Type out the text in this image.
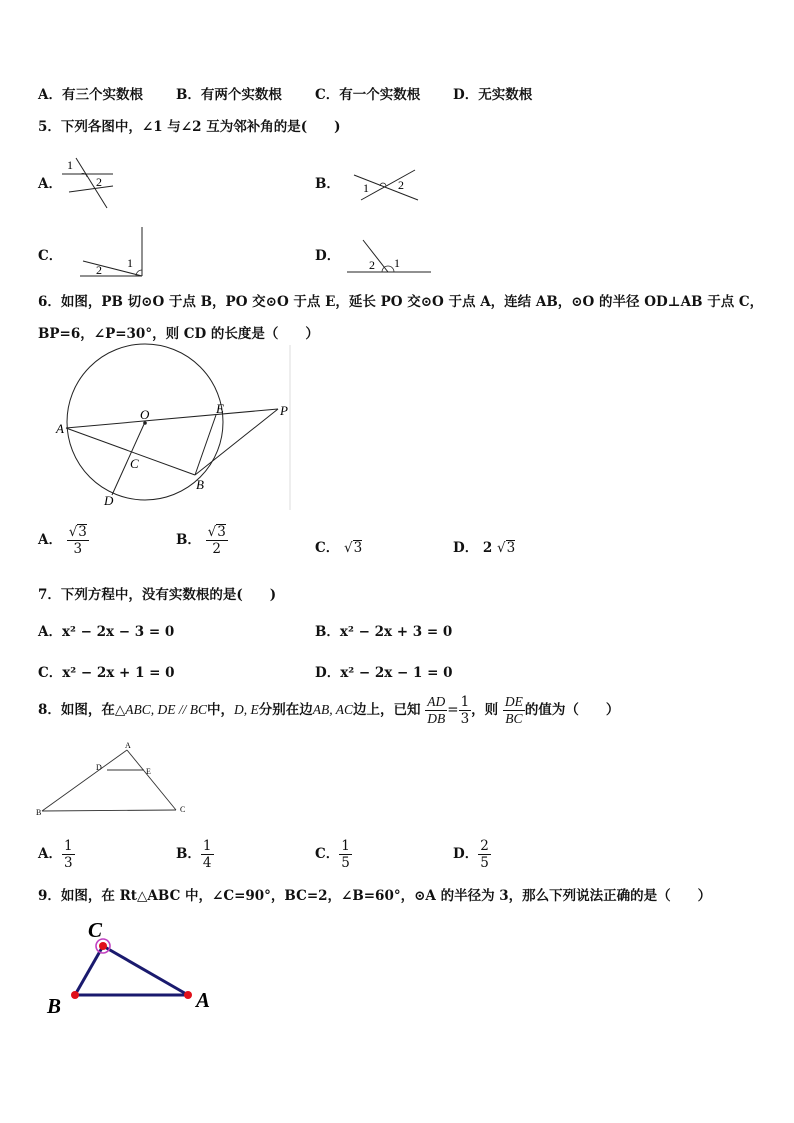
A．有三个实数根 B．有两个实数根 C．有一个实数根 D．无实数根
5．下列各图中，∠1 与∠2 互为邻补角的是(　　)
A．
1
2	B． 1 2
C．
2 1	D．
2 1
6．如图，PB 切⊙O 于点 B，PO 交⊙O 于点 E，延长 PO 交⊙O 于点 A，连结 AB，⊙O 的半径 OD⊥AB 于点 C，
BP=6，∠P=30°，则 CD 的长度是（　　）
A
O	E	P
C
D
B
A． $\frac{√3}{3}$	B． $\frac{√3}{2}$	C． √3	D． 2 √3
7．下列方程中，没有实数根的是(　　)
A．x² − 2x − 3 = 0	B．x² − 2x + 3 = 0
C．x² − 2x + 1 = 0	D．x² − 2x − 1 = 0
8．如图，在△ABC, DE // BC中，D, E分别在边AB, AC边上，已知 $\frac{AD}{DB} = \frac{1}{3}$ ，则 $\frac{DE}{BC}$ 的值为（　　）
A
D	E
B	C
A． $\frac{1}{3}$	B． $\frac{1}{4}$	C． $\frac{1}{5}$	D． $\frac{2}{5}$
9．如图，在 Rt△ABC 中，∠C=90°，BC=2，∠B=60°，⊙A 的半径为 3，那么下列说法正确的是（　　）
C
B	A
